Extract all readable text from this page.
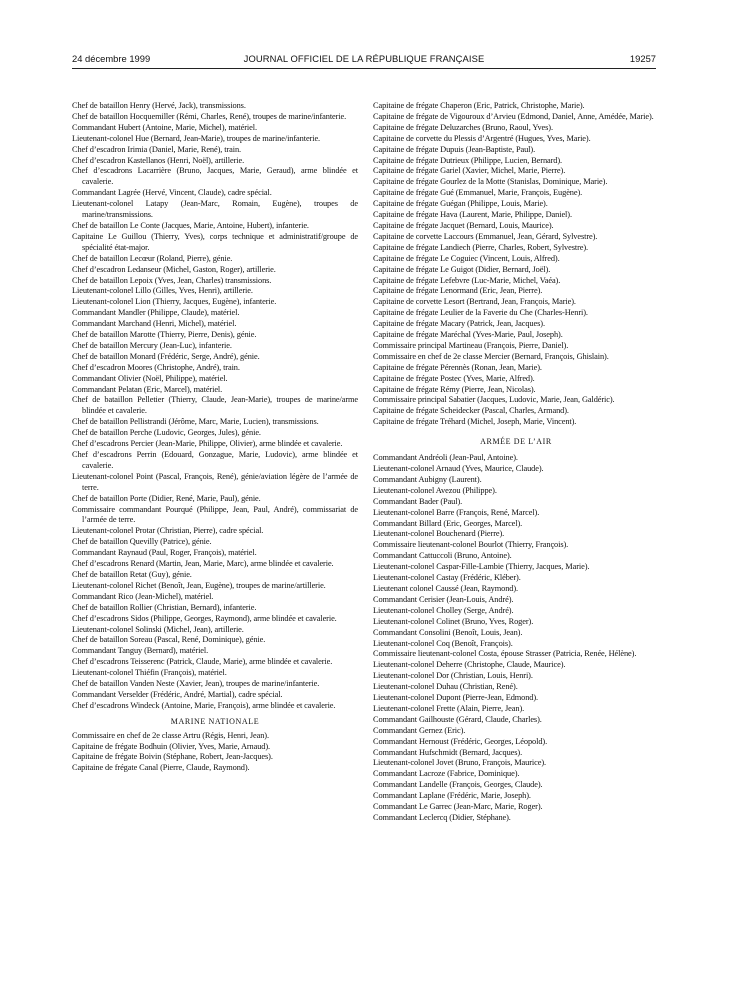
24 décembre 1999	JOURNAL OFFICIEL DE LA RÉPUBLIQUE FRANÇAISE	19257
Chef de bataillon Henry (Hervé, Jack), transmissions.
Chef de bataillon Hocquemiller (Rémi, Charles, René), troupes de marine/infanterie.
Commandant Hubert (Antoine, Marie, Michel), matériel.
Lieutenant-colonel Hue (Bernard, Jean-Marie), troupes de marine/infanterie.
Chef d’escadron Irimia (Daniel, Marie, René), train.
Chef d’escadron Kastellanos (Henri, Noël), artillerie.
Chef d’escadrons Lacarrière (Bruno, Jacques, Marie, Geraud), arme blindée et cavalerie.
Commandant Lagrée (Hervé, Vincent, Claude), cadre spécial.
Lieutenant-colonel Latapy (Jean-Marc, Romain, Eugène), troupes de marine/transmissions.
Chef de bataillon Le Conte (Jacques, Marie, Antoine, Hubert), infanterie.
Capitaine Le Guillou (Thierry, Yves), corps technique et administratif/groupe de spécialité état-major.
Chef de bataillon Lecœur (Roland, Pierre), génie.
Chef d’escadron Ledanseur (Michel, Gaston, Roger), artillerie.
Chef de bataillon Lepoix (Yves, Jean, Charles) transmissions.
Lieutenant-colonel Lillo (Gilles, Yves, Henri), artillerie.
Lieutenant-colonel Lion (Thierry, Jacques, Eugène), infanterie.
Commandant Mandler (Philippe, Claude), matériel.
Commandant Marchand (Henri, Michel), matériel.
Chef de bataillon Marotte (Thierry, Pierre, Denis), génie.
Chef de bataillon Mercury (Jean-Luc), infanterie.
Chef de bataillon Monard (Frédéric, Serge, André), génie.
Chef d’escadron Moores (Christophe, André), train.
Commandant Olivier (Noël, Philippe), matériel.
Commandant Pelatan (Eric, Marcel), matériel.
Chef de bataillon Pelletier (Thierry, Claude, Jean-Marie), troupes de marine/arme blindée et cavalerie.
Chef de bataillon Pellistrandi (Jérôme, Marc, Marie, Lucien), transmissions.
Chef de bataillon Perche (Ludovic, Georges, Jules), génie.
Chef d’escadrons Percier (Jean-Marie, Philippe, Olivier), arme blindée et cavalerie.
Chef d’escadrons Perrin (Edouard, Gonzague, Marie, Ludovic), arme blindée et cavalerie.
Lieutenant-colonel Point (Pascal, François, René), génie/aviation légère de l’armée de terre.
Chef de bataillon Porte (Didier, René, Marie, Paul), génie.
Commissaire commandant Pourqué (Philippe, Jean, Paul, André), commissariat de l’armée de terre.
Lieutenant-colonel Protar (Christian, Pierre), cadre spécial.
Chef de bataillon Quevilly (Patrice), génie.
Commandant Raynaud (Paul, Roger, François), matériel.
Chef d’escadrons Renard (Martin, Jean, Marie, Marc), arme blindée et cavalerie.
Chef de bataillon Retat (Guy), génie.
Lieutenant-colonel Richet (Benoît, Jean, Eugène), troupes de marine/artillerie.
Commandant Rico (Jean-Michel), matériel.
Chef de bataillon Rollier (Christian, Bernard), infanterie.
Chef d’escadrons Sidos (Philippe, Georges, Raymond), arme blindée et cavalerie.
Lieutenant-colonel Solinski (Michel, Jean), artillerie.
Chef de bataillon Soreau (Pascal, René, Dominique), génie.
Commandant Tanguy (Bernard), matériel.
Chef d’escadrons Teisserenc (Patrick, Claude, Marie), arme blindée et cavalerie.
Lieutenant-colonel Thiéfin (François), matériel.
Chef de bataillon Vanden Neste (Xavier, Jean), troupes de marine/infanterie.
Commandant Verselder (Frédéric, André, Martial), cadre spécial.
Chef d’escadrons Windeck (Antoine, Marie, François), arme blindée et cavalerie.
MARINE NATIONALE
Commissaire en chef de 2e classe Artru (Régis, Henri, Jean).
Capitaine de frégate Bodhuin (Olivier, Yves, Marie, Arnaud).
Capitaine de frégate Boivin (Stéphane, Robert, Jean-Jacques).
Capitaine de frégate Canal (Pierre, Claude, Raymond).
Capitaine de frégate Chaperon (Eric, Patrick, Christophe, Marie).
Capitaine de frégate de Vigouroux d’Arvieu (Edmond, Daniel, Anne, Amédée, Marie).
Capitaine de frégate Deluzarches (Bruno, Raoul, Yves).
Capitaine de corvette du Plessis d’Argentré (Hugues, Yves, Marie).
Capitaine de frégate Dupuis (Jean-Baptiste, Paul).
Capitaine de frégate Dutrieux (Philippe, Lucien, Bernard).
Capitaine de frégate Gariel (Xavier, Michel, Marie, Pierre).
Capitaine de frégate Gourlez de la Motte (Stanislas, Dominique, Marie).
Capitaine de frégate Gué (Emmanuel, Marie, François, Eugène).
Capitaine de frégate Guégan (Philippe, Louis, Marie).
Capitaine de frégate Hava (Laurent, Marie, Philippe, Daniel).
Capitaine de frégate Jacquet (Bernard, Louis, Maurice).
Capitaine de corvette Laccours (Emmanuel, Jean, Gérard, Sylvestre).
Capitaine de frégate Landiech (Pierre, Charles, Robert, Sylvestre).
Capitaine de frégate Le Coguiec (Vincent, Louis, Alfred).
Capitaine de frégate Le Guigot (Didier, Bernard, Joël).
Capitaine de frégate Lefebvre (Luc-Marie, Michel, Vaéa).
Capitaine de frégate Lenormand (Eric, Jean, Pierre).
Capitaine de corvette Lesort (Bertrand, Jean, François, Marie).
Capitaine de frégate Leulier de la Faverie du Che (Charles-Henri).
Capitaine de frégate Macary (Patrick, Jean, Jacques).
Capitaine de frégate Maréchal (Yves-Marie, Paul, Joseph).
Commissaire principal Martineau (François, Pierre, Daniel).
Commissaire en chef de 2e classe Mercier (Bernard, François, Ghislain).
Capitaine de frégate Pérennès (Ronan, Jean, Marie).
Capitaine de frégate Postec (Yves, Marie, Alfred).
Capitaine de frégate Rémy (Pierre, Jean, Nicolas).
Commissaire principal Sabatier (Jacques, Ludovic, Marie, Jean, Galdéric).
Capitaine de frégate Scheidecker (Pascal, Charles, Armand).
Capitaine de frégate Tréhard (Michel, Joseph, Marie, Vincent).
ARMÉE DE L’AIR
Commandant Andréoli (Jean-Paul, Antoine).
Lieutenant-colonel Arnaud (Yves, Maurice, Claude).
Commandant Aubigny (Laurent).
Lieutenant-colonel Avezou (Philippe).
Commandant Bader (Paul).
Lieutenant-colonel Barre (François, René, Marcel).
Commandant Billard (Eric, Georges, Marcel).
Lieutenant-colonel Bouchenard (Pierre).
Commissaire lieutenant-colonel Bourlot (Thierry, François).
Commandant Cattuccoli (Bruno, Antoine).
Lieutenant-colonel Caspar-Fille-Lambie (Thierry, Jacques, Marie).
Lieutenant-colonel Castay (Frédéric, Kléber).
Lieutenant colonel Caussé (Jean, Raymond).
Commandant Cerisier (Jean-Louis, André).
Lieutenant-colonel Cholley (Serge, André).
Lieutenant-colonel Colinet (Bruno, Yves, Roger).
Commandant Consolini (Benoît, Louis, Jean).
Lieutenant-colonel Coq (Benoît, François).
Commissaire lieutenant-colonel Costa, épouse Strasser (Patricia, Renée, Hélène).
Lieutenant-colonel Deherre (Christophe, Claude, Maurice).
Lieutenant-colonel Dor (Christian, Louis, Henri).
Lieutenant-colonel Duhau (Christian, René).
Lieutenant-colonel Dupont (Pierre-Jean, Edmond).
Lieutenant-colonel Frette (Alain, Pierre, Jean).
Commandant Gailhouste (Gérard, Claude, Charles).
Commandant Gernez (Eric).
Commandant Hernoust (Frédéric, Georges, Léopold).
Commandant Hufschmidt (Bernard, Jacques).
Lieutenant-colonel Jovet (Bruno, François, Maurice).
Commandant Lacroze (Fabrice, Dominique).
Commandant Landelle (François, Georges, Claude).
Commandant Laplane (Frédéric, Marie, Joseph).
Commandant Le Garrec (Jean-Marc, Marie, Roger).
Commandant Leclercq (Didier, Stéphane).
